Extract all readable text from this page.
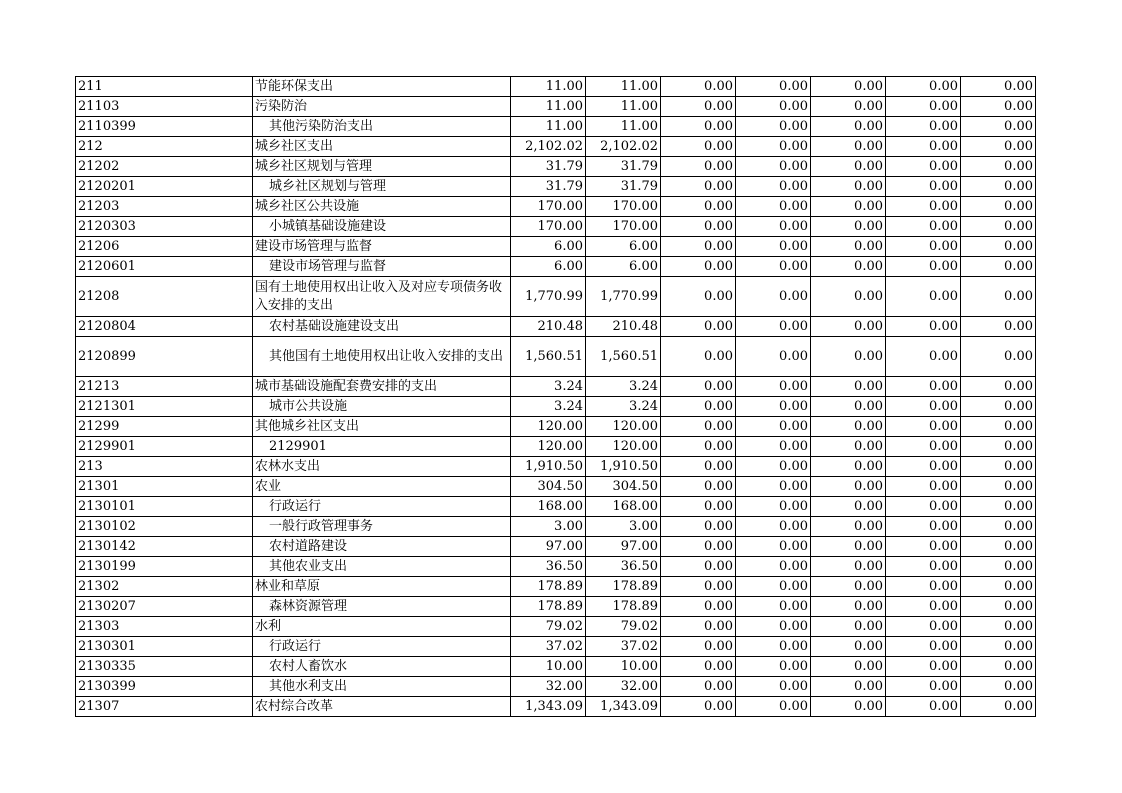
211	节能环保支出	11.00	11.00	0.00	0.00	0.00	0.00	0.00
21103	污染防治	11.00	11.00	0.00	0.00	0.00	0.00	0.00
2110399	其他污染防治支出	11.00	11.00	0.00	0.00	0.00	0.00	0.00
212	城乡社区支出	2,102.02	2,102.02	0.00	0.00	0.00	0.00	0.00
21202	城乡社区规划与管理	31.79	31.79	0.00	0.00	0.00	0.00	0.00
2120201	城乡社区规划与管理	31.79	31.79	0.00	0.00	0.00	0.00	0.00
21203	城乡社区公共设施	170.00	170.00	0.00	0.00	0.00	0.00	0.00
2120303	小城镇基础设施建设	170.00	170.00	0.00	0.00	0.00	0.00	0.00
21206	建设市场管理与监督	6.00	6.00	0.00	0.00	0.00	0.00	0.00
2120601	建设市场管理与监督	6.00	6.00	0.00	0.00	0.00	0.00	0.00
21208	国有土地使用权出让收入及对应专项债务收入安排的支出	1,770.99	1,770.99	0.00	0.00	0.00	0.00	0.00
2120804	农村基础设施建设支出	210.48	210.48	0.00	0.00	0.00	0.00	0.00
2120899	其他国有土地使用权出让收入安排的支出	1,560.51	1,560.51	0.00	0.00	0.00	0.00	0.00
21213	城市基础设施配套费安排的支出	3.24	3.24	0.00	0.00	0.00	0.00	0.00
2121301	城市公共设施	3.24	3.24	0.00	0.00	0.00	0.00	0.00
21299	其他城乡社区支出	120.00	120.00	0.00	0.00	0.00	0.00	0.00
2129901	2129901	120.00	120.00	0.00	0.00	0.00	0.00	0.00
213	农林水支出	1,910.50	1,910.50	0.00	0.00	0.00	0.00	0.00
21301	农业	304.50	304.50	0.00	0.00	0.00	0.00	0.00
2130101	行政运行	168.00	168.00	0.00	0.00	0.00	0.00	0.00
2130102	一般行政管理事务	3.00	3.00	0.00	0.00	0.00	0.00	0.00
2130142	农村道路建设	97.00	97.00	0.00	0.00	0.00	0.00	0.00
2130199	其他农业支出	36.50	36.50	0.00	0.00	0.00	0.00	0.00
21302	林业和草原	178.89	178.89	0.00	0.00	0.00	0.00	0.00
2130207	森林资源管理	178.89	178.89	0.00	0.00	0.00	0.00	0.00
21303	水利	79.02	79.02	0.00	0.00	0.00	0.00	0.00
2130301	行政运行	37.02	37.02	0.00	0.00	0.00	0.00	0.00
2130335	农村人畜饮水	10.00	10.00	0.00	0.00	0.00	0.00	0.00
2130399	其他水利支出	32.00	32.00	0.00	0.00	0.00	0.00	0.00
21307	农村综合改革	1,343.09	1,343.09	0.00	0.00	0.00	0.00	0.00
